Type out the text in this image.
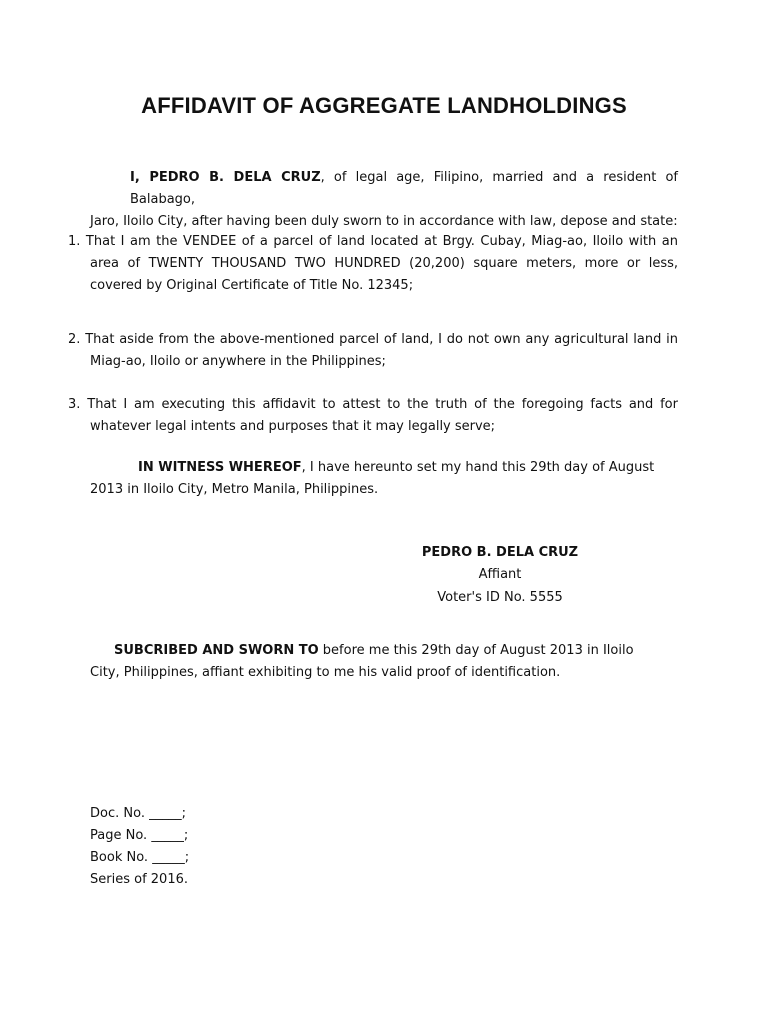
AFFIDAVIT OF AGGREGATE LANDHOLDINGS
I, PEDRO B. DELA CRUZ, of legal age, Filipino, married and a resident of Balabago,
Jaro, Iloilo City, after having been duly sworn to in accordance with law, depose and state:
1. That I am the VENDEE of a parcel of land located at Brgy. Cubay, Miag-ao, Iloilo with an area of TWENTY THOUSAND TWO HUNDRED (20,200) square meters, more or less, covered by Original Certificate of Title No. 12345;
2. That aside from the above-mentioned parcel of land, I do not own any agricultural land in Miag-ao, Iloilo or anywhere in the Philippines;
3. That I am executing this affidavit to attest to the truth of the foregoing facts and for whatever legal intents and purposes that it may legally serve;
IN WITNESS WHEREOF, I have hereunto set my hand this 29th day of August
2013 in Iloilo City, Metro Manila, Philippines.
PEDRO B. DELA CRUZ
Affiant
Voter's ID No. 5555
SUBCRIBED AND SWORN TO before me this 29th day of August 2013 in Iloilo
City, Philippines, affiant exhibiting to me his valid proof of identification.
Doc. No. _____;
Page No. _____;
Book No. _____;
Series of 2016.
